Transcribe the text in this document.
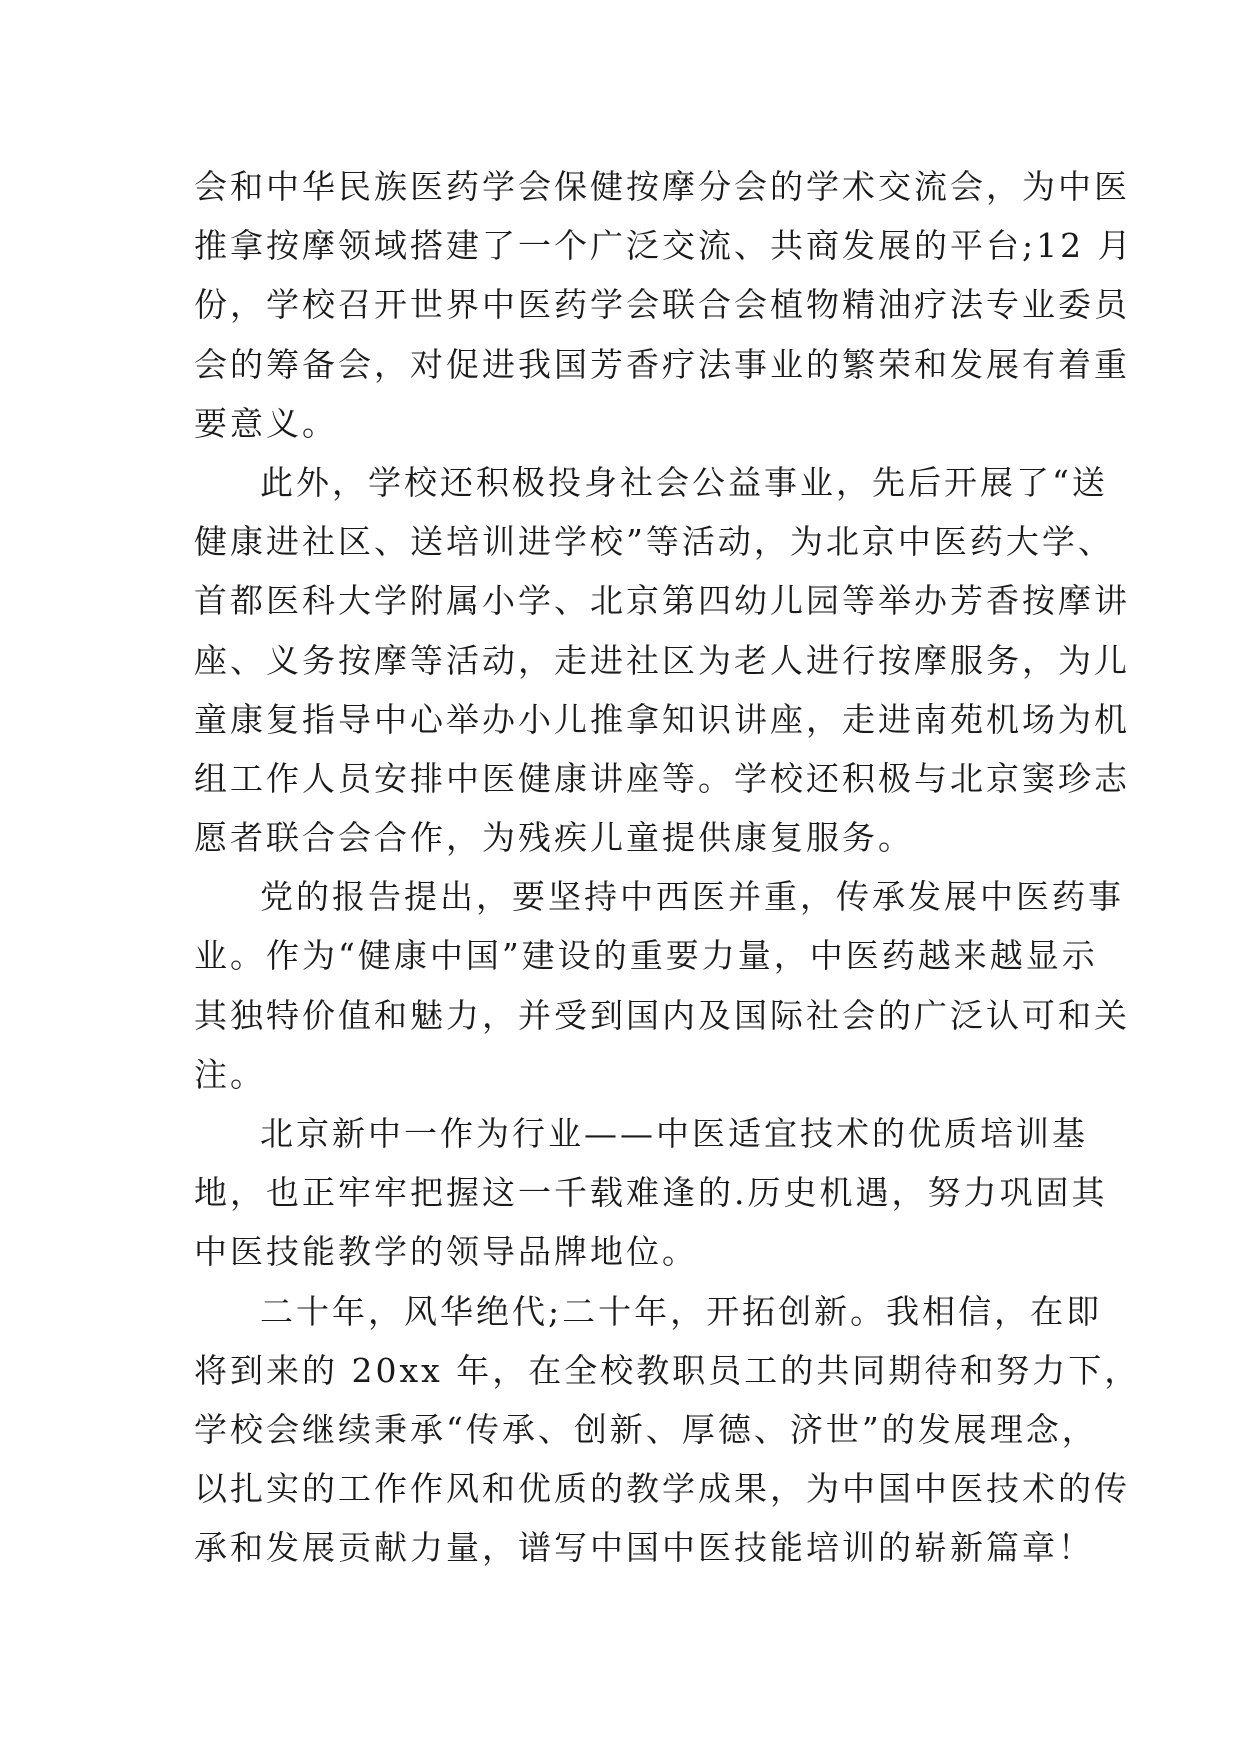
会和中华民族医药学会保健按摩分会的学术交流会，为中医
推拿按摩领域搭建了一个广泛交流、共商发展的平台;12 月
份，学校召开世界中医药学会联合会植物精油疗法专业委员
会的筹备会，对促进我国芳香疗法事业的繁荣和发展有着重
要意义。
此外，学校还积极投身社会公益事业，先后开展了“送
健康进社区、送培训进学校”等活动，为北京中医药大学、
首都医科大学附属小学、北京第四幼儿园等举办芳香按摩讲
座、义务按摩等活动，走进社区为老人进行按摩服务，为儿
童康复指导中心举办小儿推拿知识讲座，走进南苑机场为机
组工作人员安排中医健康讲座等。学校还积极与北京窦珍志
愿者联合会合作，为残疾儿童提供康复服务。
党的报告提出，要坚持中西医并重，传承发展中医药事
业。作为“健康中国”建设的重要力量，中医药越来越显示
其独特价值和魅力，并受到国内及国际社会的广泛认可和关
注。
北京新中一作为行业——中医适宜技术的优质培训基
地，也正牢牢把握这一千载难逢的.历史机遇，努力巩固其
中医技能教学的领导品牌地位。
二十年，风华绝代;二十年，开拓创新。我相信，在即
将到来的 20xx 年，在全校教职员工的共同期待和努力下，
学校会继续秉承“传承、创新、厚德、济世”的发展理念，
以扎实的工作作风和优质的教学成果，为中国中医技术的传
承和发展贡献力量，谱写中国中医技能培训的崭新篇章！
